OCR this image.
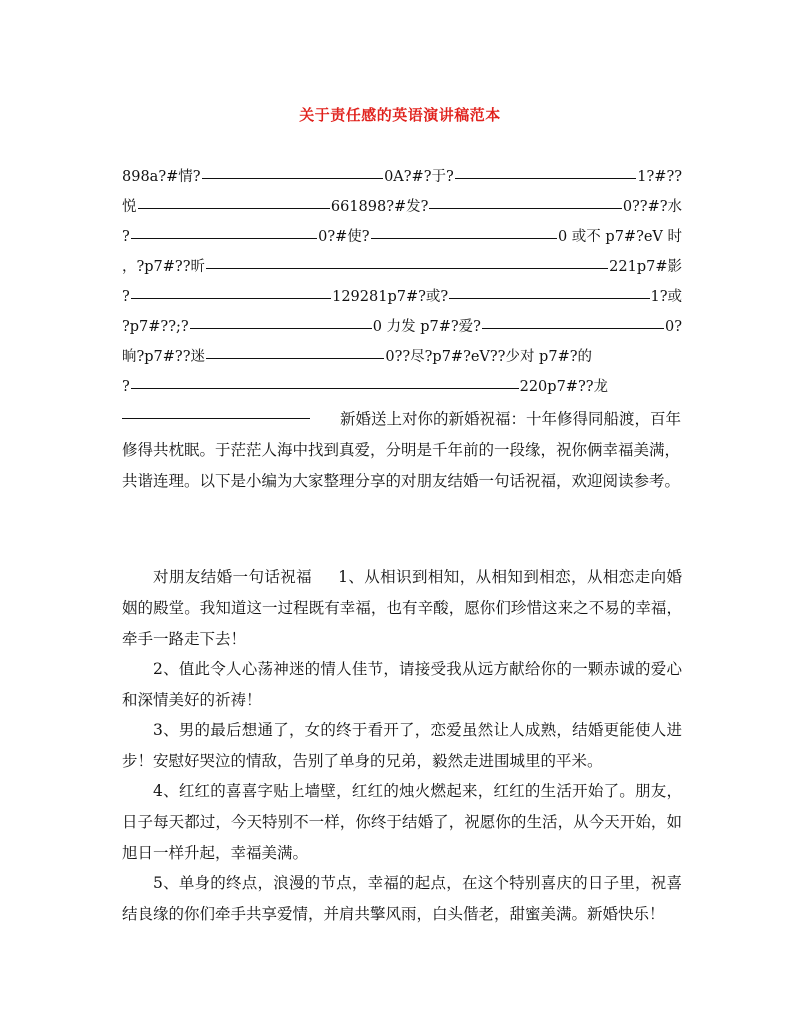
关于责任感的英语演讲稿范本
898a?#情?	0A?#?于?	1?#??
悦	661898?#发?	0??#?水
?	0?#使?	0 或不 p7#?eV 时
，?p7#??昕	221p7#影
?	129281p7#?或?	1?或
?p7#??;?	0 力发 p7#?爱?	0?
晌?p7#??迷	0??尽?p7#?eV??少对 p7#?的
?	220p7#??龙
新婚送上对你的新婚祝福：十年修得同船渡，百年修得共枕眠。于茫茫人海中找到真爱，分明是千年前的一段缘，祝你俩幸福美满，共谐连理。以下是小编为大家整理分享的对朋友结婚一句话祝福，欢迎阅读参考。
对朋友结婚一句话祝福 1、从相识到相知，从相知到相恋，从相恋走向婚姻的殿堂。我知道这一过程既有幸福，也有辛酸，愿你们珍惜这来之不易的幸福，牵手一路走下去！
2、值此令人心荡神迷的情人佳节，请接受我从远方献给你的一颗赤诚的爱心和深情美好的祈祷！
3、男的最后想通了，女的终于看开了，恋爱虽然让人成熟，结婚更能使人进步！安慰好哭泣的情敌，告别了单身的兄弟，毅然走进围城里的平米。
4、红红的喜喜字贴上墙壁，红红的烛火燃起来，红红的生活开始了。朋友，日子每天都过，今天特别不一样，你终于结婚了，祝愿你的生活，从今天开始，如旭日一样升起，幸福美满。
5、单身的终点，浪漫的节点，幸福的起点，在这个特别喜庆的日子里，祝喜结良缘的你们牵手共享爱情，并肩共擎风雨，白头偕老，甜蜜美满。新婚快乐！
